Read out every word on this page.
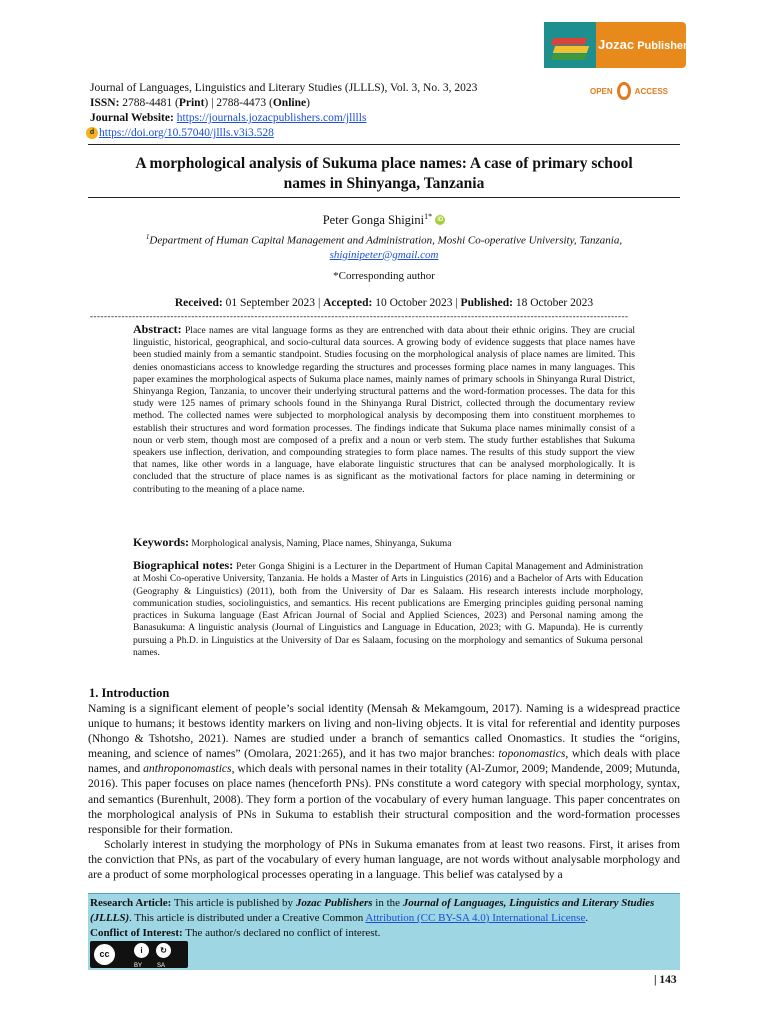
Jozac Publishers
OPEN	ACCESS
Journal of Languages, Linguistics and Literary Studies (JLLLS), Vol. 3, No. 3, 2023
ISSN: 2788-4481 (Print) | 2788-4473 (Online)
Journal Website: https://journals.jozacpublishers.com/jlllls
d https://doi.org/10.57040/jllls.v3i3.528
A morphological analysis of Sukuma place names: A case of primary school
names in Shinyanga, Tanzania
Peter Gonga Shigini$^{1*}$ iD
$^1$Department of Human Capital Management and Administration, Moshi Co-operative University, Tanzania,
shiginipeter@gmail.com
*Corresponding author
Received: 01 September 2023 | Accepted: 10 October 2023 | Published: 18 October 2023
----------------------------------------------------------------------------------------------------------------------------------------------------------
Abstract: Place names are vital language forms as they are entrenched with data about their ethnic origins. They are crucial linguistic, historical, geographical, and socio-cultural data sources. A growing body of evidence suggests that place names have been studied mainly from a semantic standpoint. Studies focusing on the morphological analysis of place names are limited. This denies onomasticians access to knowledge regarding the structures and processes forming place names in many languages. This paper examines the morphological aspects of Sukuma place names, mainly names of primary schools in Shinyanga Rural District, Shinyanga Region, Tanzania, to uncover their underlying structural patterns and the word-formation processes. The data for this study were 125 names of primary schools found in the Shinyanga Rural District, collected through the documentary review method. The collected names were subjected to morphological analysis by decomposing them into constituent morphemes to establish their structures and word formation processes. The findings indicate that Sukuma place names minimally consist of a noun or verb stem, though most are composed of a prefix and a noun or verb stem. The study further establishes that Sukuma speakers use inflection, derivation, and compounding strategies to form place names. The results of this study support the view that names, like other words in a language, have elaborate linguistic structures that can be analysed morphologically. It is concluded that the structure of place names is as significant as the motivational factors for place naming in determining or contributing to the meaning of a place name.
Keywords: Morphological analysis, Naming, Place names, Shinyanga, Sukuma
Biographical notes: Peter Gonga Shigini is a Lecturer in the Department of Human Capital Management and Administration at Moshi Co-operative University, Tanzania. He holds a Master of Arts in Linguistics (2016) and a Bachelor of Arts with Education (Geography & Linguistics) (2011), both from the University of Dar es Salaam. His research interests include morphology, communication studies, sociolinguistics, and semantics. His recent publications are Emerging principles guiding personal naming practices in Sukuma language (East African Journal of Social and Applied Sciences, 2023) and Personal naming among the Banasukuma: A linguistic analysis (Journal of Linguistics and Language in Education, 2023; with G. Mapunda). He is currently pursuing a Ph.D. in Linguistics at the University of Dar es Salaam, focusing on the morphology and semantics of Sukuma personal names.
1. Introduction

Naming is a significant element of people’s social identity (Mensah & Mekamgoum, 2017). Naming is a widespread practice unique to humans; it bestows identity markers on living and non-living objects. It is vital for referential and identity purposes (Nhongo & Tshotsho, 2021). Names are studied under a branch of semantics called Onomastics. It studies the “origins, meaning, and science of names” (Omolara, 2021:265), and it has two major branches: toponomastics, which deals with place names, and anthroponomastics, which deals with personal names in their totality (Al-Zumor, 2009; Mandende, 2009; Mutunda, 2016). This paper focuses on place names (henceforth PNs). PNs constitute a word category with special morphology, syntax, and semantics (Burenhult, 2008). They form a portion of the vocabulary of every human language. This paper concentrates on the morphological analysis of PNs in Sukuma to establish their structural composition and the word-formation processes responsible for their formation.

Scholarly interest in studying the morphology of PNs in Sukuma emanates from at least two reasons. First, it arises from the conviction that PNs, as part of the vocabulary of every human language, are not words without analysable morphology and are a product of some morphological processes operating in a language. This belief was catalysed by a

Research Article: This article is published by Jozac Publishers in the Journal of Languages, Linguistics and Literary Studies (JLLLS). This article is distributed under a Creative Common Attribution (CC BY-SA 4.0) International License.
Conflict of Interest: The author/s declared no conflict of interest.
cc	i	↻
BY SA
| 143
